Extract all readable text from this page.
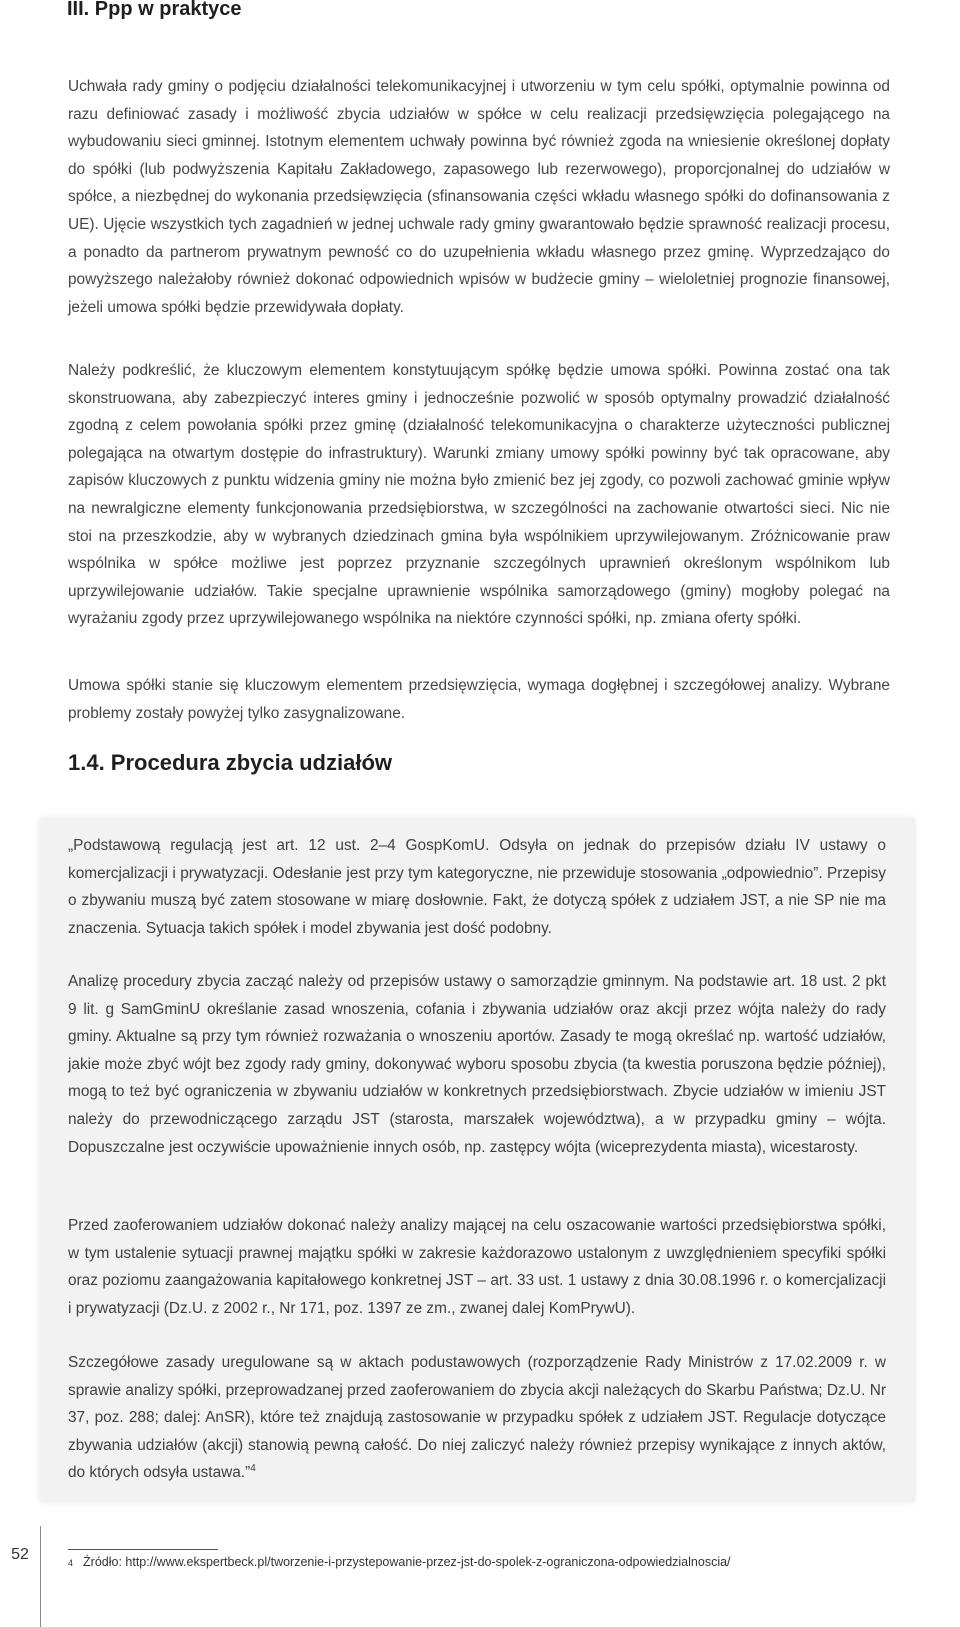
III. Ppp w praktyce

Uchwała rady gminy o podjęciu działalności telekomunikacyjnej i utworzeniu w tym celu spółki, optymalnie powinna od razu definiować zasady i możliwość zbycia udziałów w spółce w celu realizacji przedsięwzięcia polegającego na wybudowaniu sieci gminnej. Istotnym elementem uchwały powinna być również zgoda na wniesienie określonej dopłaty do spółki (lub podwyższenia Kapitału Zakładowego, zapasowego lub rezerwowego), proporcjonalnej do udziałów w spółce, a niezbędnej do wykonania przedsięwzięcia (sfinansowania części wkładu własnego spółki do dofinansowania z UE). Ujęcie wszystkich tych zagadnień w jednej uchwale rady gminy gwarantowało będzie sprawność realizacji procesu, a ponadto da partnerom prywatnym pewność co do uzupełnienia wkładu własnego przez gminę. Wyprzedzająco do powyższego należałoby również dokonać odpowiednich wpisów w budżecie gminy – wieloletniej prognozie finansowej, jeżeli umowa spółki będzie przewidywała dopłaty.

Należy podkreślić, że kluczowym elementem konstytuującym spółkę będzie umowa spółki. Powinna zostać ona tak skonstruowana, aby zabezpieczyć interes gminy i jednocześnie pozwolić w sposób optymalny prowadzić działalność zgodną z celem powołania spółki przez gminę (działalność telekomunikacyjna o charakterze użyteczności publicznej polegająca na otwartym dostępie do infrastruktury). Warunki zmiany umowy spółki powinny być tak opracowane, aby zapisów kluczowych z punktu widzenia gminy nie można było zmienić bez jej zgody, co pozwoli zachować gminie wpływ na newralgiczne elementy funkcjonowania przedsiębiorstwa, w szczególności na zachowanie otwartości sieci. Nic nie stoi na przeszkodzie, aby w wybranych dziedzinach gmina była wspólnikiem uprzywilejowanym. Zróżnicowanie praw wspólnika w spółce możliwe jest poprzez przyznanie szczególnych uprawnień określonym wspólnikom lub uprzywilejowanie udziałów. Takie specjalne uprawnienie wspólnika samorządowego (gminy) mogłoby polegać na wyrażaniu zgody przez uprzywilejowanego wspólnika na niektóre czynności spółki, np. zmiana oferty spółki.

Umowa spółki stanie się kluczowym elementem przedsięwzięcia, wymaga dogłębnej i szczegółowej analizy. Wybrane problemy zostały powyżej tylko zasygnalizowane.

1.4. Procedura zbycia udziałów

„Podstawową regulacją jest art. 12 ust. 2–4 GospKomU. Odsyła on jednak do przepisów działu IV ustawy o komercjalizacji i prywatyzacji. Odesłanie jest przy tym kategoryczne, nie przewiduje stosowania „odpowiednio”. Przepisy o zbywaniu muszą być zatem stosowane w miarę dosłownie. Fakt, że dotyczą spółek z udziałem JST, a nie SP nie ma znaczenia. Sytuacja takich spółek i model zbywania jest dość podobny.

Analizę procedury zbycia zacząć należy od przepisów ustawy o samorządzie gminnym. Na podstawie art. 18 ust. 2 pkt 9 lit. g SamGminU określanie zasad wnoszenia, cofania i zbywania udziałów oraz akcji przez wójta należy do rady gminy. Aktualne są przy tym również rozważania o wnoszeniu aportów. Zasady te mogą określać np. wartość udziałów, jakie może zbyć wójt bez zgody rady gminy, dokonywać wyboru sposobu zbycia (ta kwestia poruszona będzie później), mogą to też być ograniczenia w zbywaniu udziałów w konkretnych przedsiębiorstwach. Zbycie udziałów w imieniu JST należy do przewodniczącego zarządu JST (starosta, marszałek województwa), a w przypadku gminy – wójta. Dopuszczalne jest oczywiście upoważnienie innych osób, np. zastępcy wójta (wiceprezydenta miasta), wicestarosty.

Przed zaoferowaniem udziałów dokonać należy analizy mającej na celu oszacowanie wartości przedsiębiorstwa spółki, w tym ustalenie sytuacji prawnej majątku spółki w zakresie każdorazowo ustalonym z uwzględnieniem specyfiki spółki oraz poziomu zaangażowania kapitałowego konkretnej JST – art. 33 ust. 1 ustawy z dnia 30.08.1996 r. o komercjalizacji i prywatyzacji (Dz.U. z 2002 r., Nr 171, poz. 1397 ze zm., zwanej dalej KomPrywU).

Szczegółowe zasady uregulowane są w aktach podustawowych (rozporządzenie Rady Ministrów z 17.02.2009 r. w sprawie analizy spółki, przeprowadzanej przed zaoferowaniem do zbycia akcji należących do Skarbu Państwa; Dz.U. Nr 37, poz. 288; dalej: AnSR), które też znajdują zastosowanie w przypadku spółek z udziałem JST. Regulacje dotyczące zbywania udziałów (akcji) stanowią pewną całość. Do niej zaliczyć należy również przepisy wynikające z innych aktów, do których odsyła ustawa.”$^4$

52	$^4$ Źródło: http://www.ekspertbeck.pl/tworzenie-i-przystepowanie-przez-jst-do-spolek-z-ograniczona-odpowiedzialnoscia/
